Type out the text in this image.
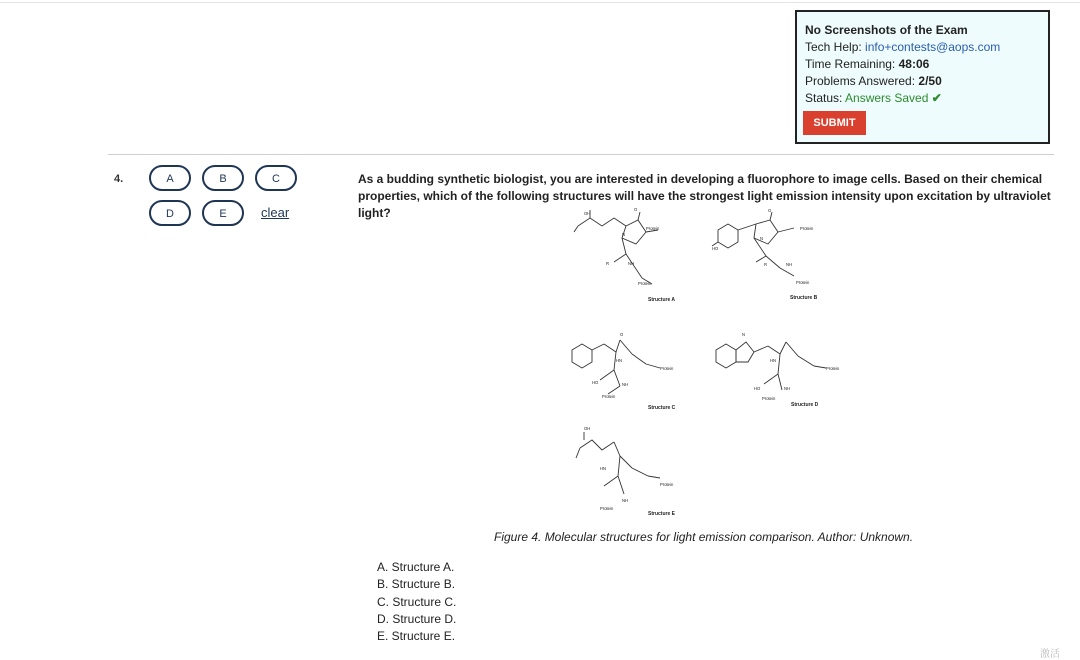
No Screenshots of the Exam
Tech Help: info+contests@aops.com
Time Remaining: 48:06
Problems Answered: 2/50
Status: Answers Saved ✔
SUBMIT
4.	A	B	C
D	E	clear
As a budding synthetic biologist, you are interested in developing a fluorophore to image cells. Based on their chemical properties, which of the following structures will have the strongest light emission intensity upon excitation by ultraviolet light?	OH
O
Protein
N
NH
R
Protein
HO
O
Protein
N
NH
R
Protein
HN
O
Protein
HO	NH
Protein
N
HN
Protein
HO	NH
Protein
OH
HN
Protein
NH
Protein
Structure A	Structure B
Structure C	Structure D
Structure E
Figure 4. Molecular structures for light emission comparison. Author: Unknown.
A. Structure A.
B. Structure B.
C. Structure C.
D. Structure D.
E. Structure E.
激活
